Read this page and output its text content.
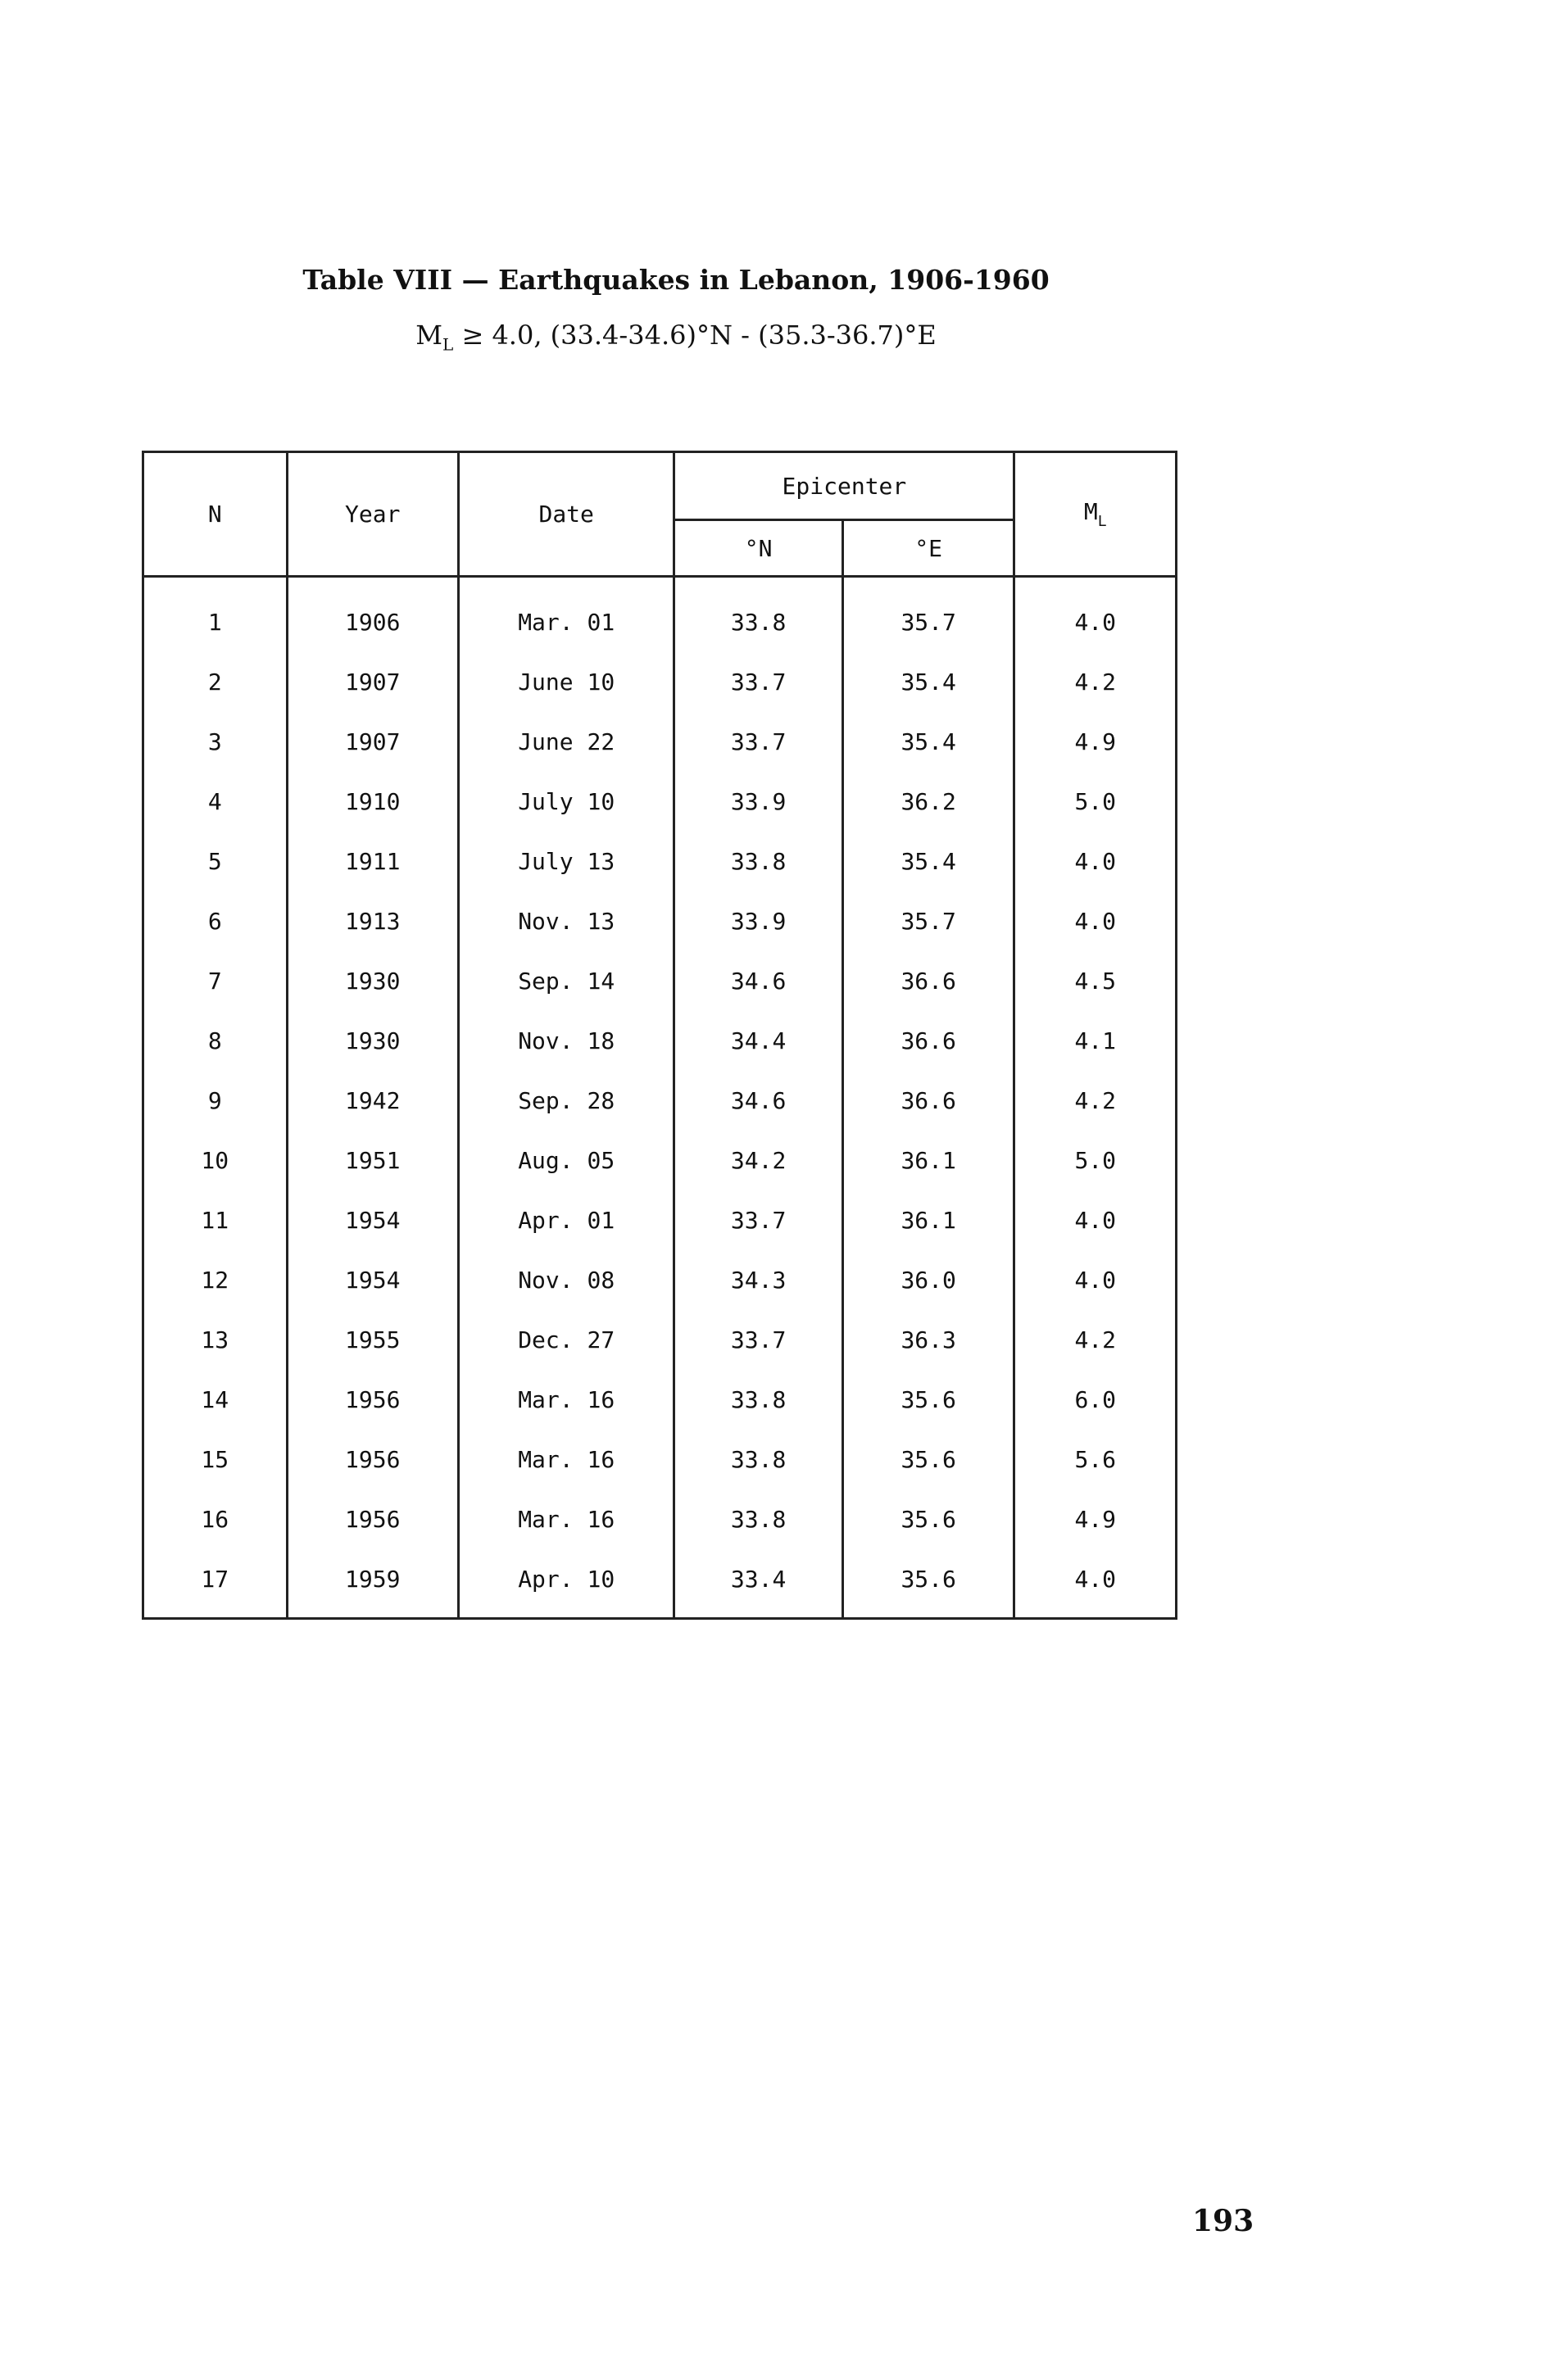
Table VIII — Earthquakes in Lebanon, 1906-1960
$M_L \ge 4.0$, (33.4-34.6)°N - (35.3-36.7)°E
N	Year	Date	Epicenter		$M_L$
			°N	°E	
1	1906	Mar. 01	33.8	35.7	4.0
2	1907	June 10	33.7	35.4	4.2
3	1907	June 22	33.7	35.4	4.9
4	1910	July 10	33.9	36.2	5.0
5	1911	July 13	33.8	35.4	4.0
6	1913	Nov. 13	33.9	35.7	4.0
7	1930	Sep. 14	34.6	36.6	4.5
8	1930	Nov. 18	34.4	36.6	4.1
9	1942	Sep. 28	34.6	36.6	4.2
10	1951	Aug. 05	34.2	36.1	5.0
11	1954	Apr. 01	33.7	36.1	4.0
12	1954	Nov. 08	34.3	36.0	4.0
13	1955	Dec. 27	33.7	36.3	4.2
14	1956	Mar. 16	33.8	35.6	6.0
15	1956	Mar. 16	33.8	35.6	5.6
16	1956	Mar. 16	33.8	35.6	4.9
17	1959	Apr. 10	33.4	35.6	4.0
193
